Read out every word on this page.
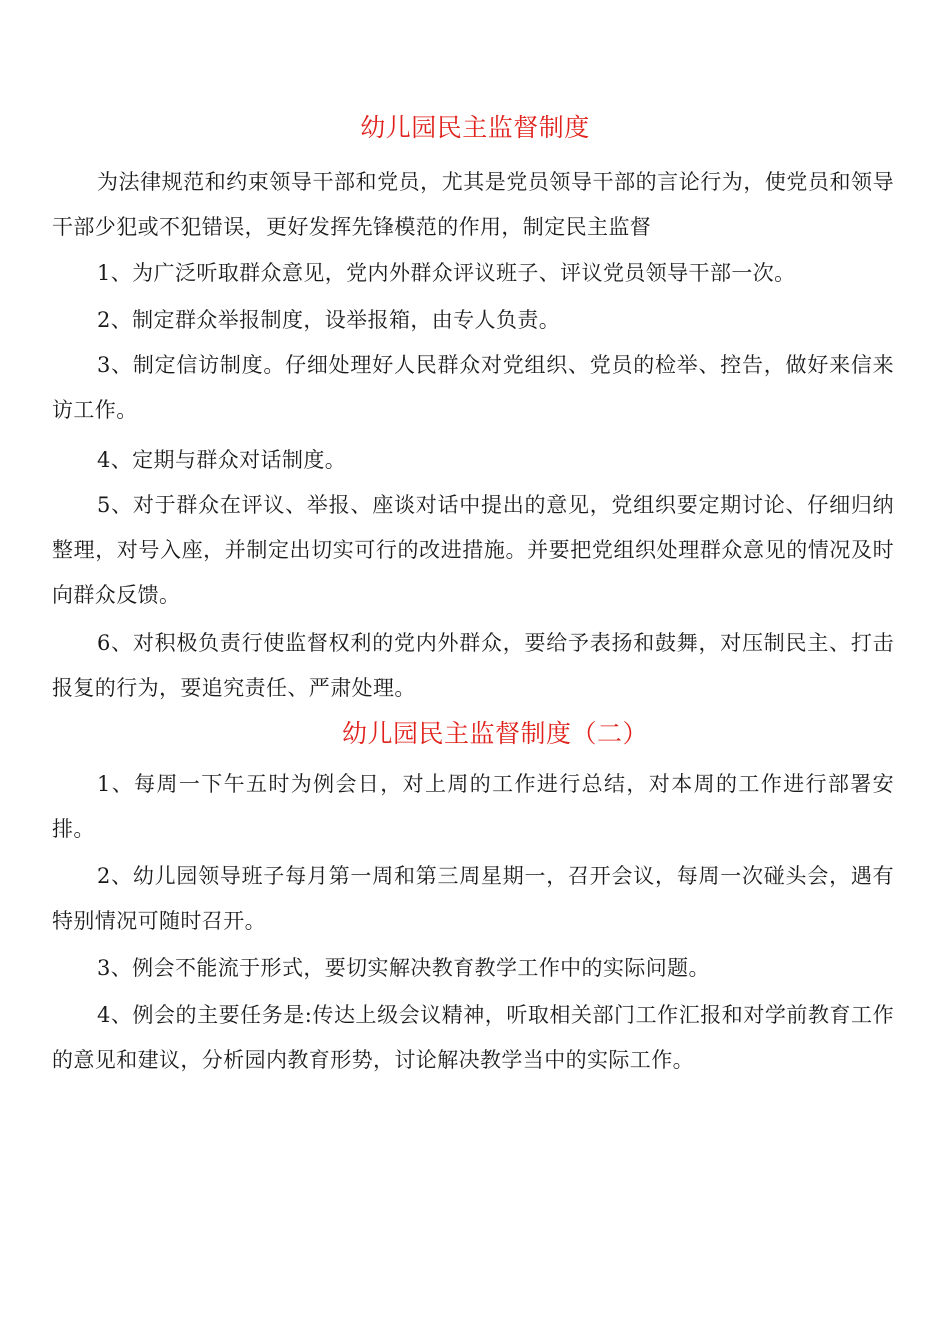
幼儿园民主监督制度

为法律规范和约束领导干部和党员，尤其是党员领导干部的言论行为，使党员和领导干部少犯或不犯错误，更好发挥先锋模范的作用，制定民主监督

1、为广泛听取群众意见，党内外群众评议班子、评议党员领导干部一次。

2、制定群众举报制度，设举报箱，由专人负责。

3、制定信访制度。仔细处理好人民群众对党组织、党员的检举、控告，做好来信来访工作。

4、定期与群众对话制度。

5、对于群众在评议、举报、座谈对话中提出的意见，党组织要定期讨论、仔细归纳整理，对号入座，并制定出切实可行的改进措施。并要把党组织处理群众意见的情况及时向群众反馈。

6、对积极负责行使监督权利的党内外群众，要给予表扬和鼓舞，对压制民主、打击报复的行为，要追究责任、严肃处理。

幼儿园民主监督制度（二）

1、每周一下午五时为例会日，对上周的工作进行总结，对本周的工作进行部署安排。

2、幼儿园领导班子每月第一周和第三周星期一，召开会议，每周一次碰头会，遇有特别情况可随时召开。

3、例会不能流于形式，要切实解决教育教学工作中的实际问题。

4、例会的主要任务是:传达上级会议精神，听取相关部门工作汇报和对学前教育工作的意见和建议，分析园内教育形势，讨论解决教学当中的实际工作。
